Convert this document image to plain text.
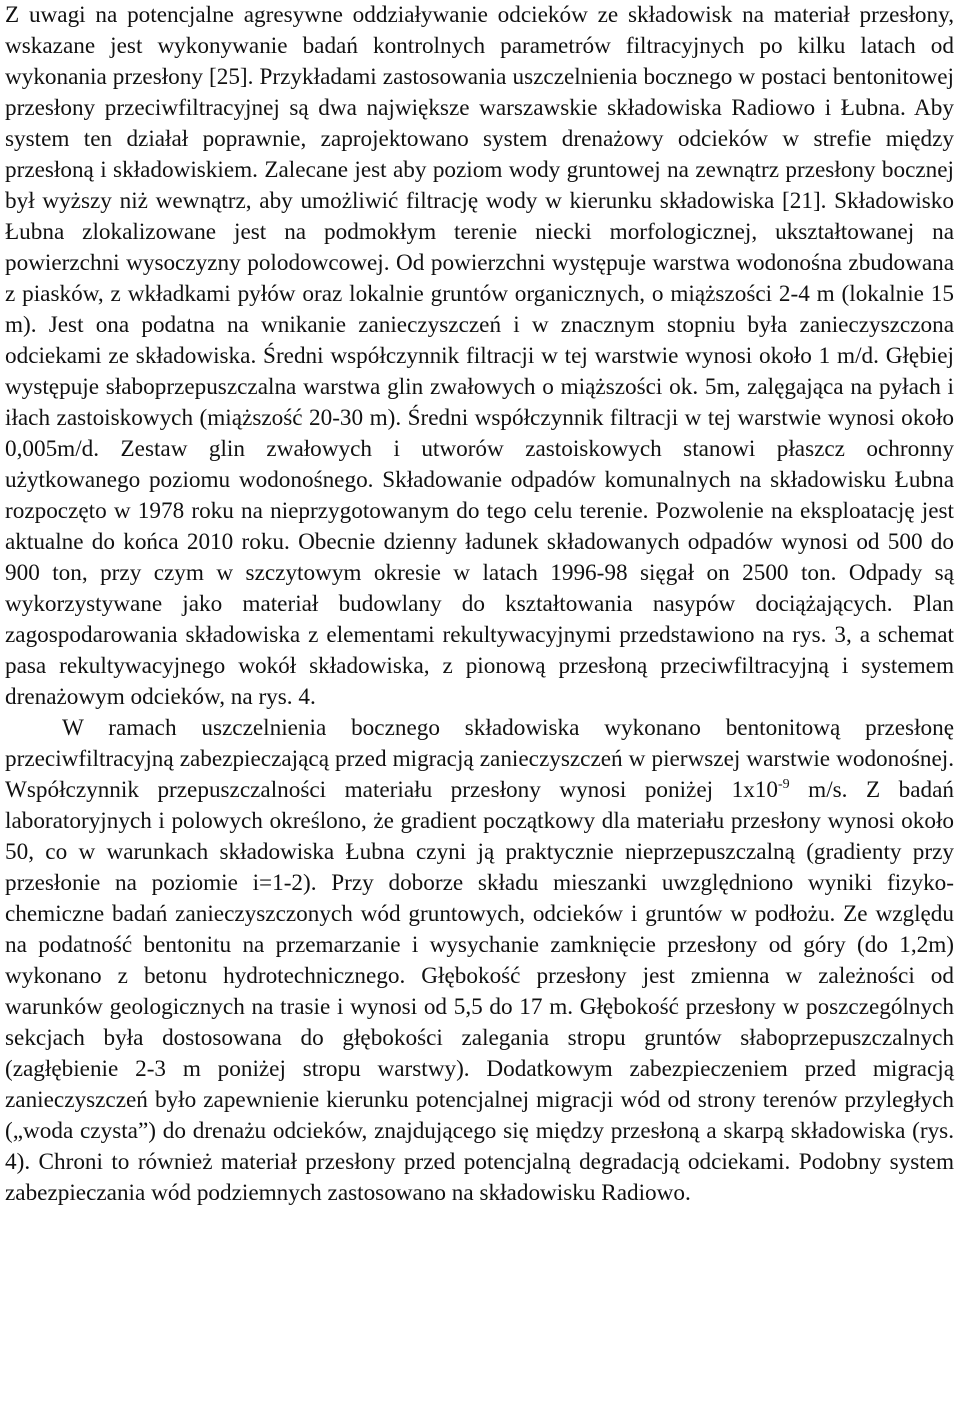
Z uwagi na potencjalne agresywne oddziaływanie odcieków ze składowisk na materiał przesłony, wskazane jest wykonywanie badań kontrolnych parametrów filtracyjnych po kilku latach od wykonania przesłony [25]. Przykładami zastosowania uszczelnienia bocznego w postaci bentonitowej przesłony przeciwfiltracyjnej są dwa największe warszawskie składowiska Radiowo i Łubna. Aby system ten działał poprawnie, zaprojektowano system drenażowy odcieków w strefie między przesłoną i składowiskiem. Zalecane jest aby poziom wody gruntowej na zewnątrz przesłony bocznej był wyższy niż wewnątrz, aby umożliwić filtrację wody w kierunku składowiska [21]. Składowisko Łubna zlokalizowane jest na podmokłym terenie niecki morfologicznej, ukształtowanej na powierzchni wysoczyzny polodowcowej. Od powierzchni występuje warstwa wodonośna zbudowana z piasków, z wkładkami pyłów oraz lokalnie gruntów organicznych, o miąższości 2-4 m (lokalnie 15 m). Jest ona podatna na wnikanie zanieczyszczeń i w znacznym stopniu była zanieczyszczona odciekami ze składowiska. Średni współczynnik filtracji w tej warstwie wynosi około 1 m/d. Głębiej występuje słaboprzepuszczalna warstwa glin zwałowych o miąższości ok. 5m, zalęgająca na pyłach i iłach zastoiskowych (miąższość 20-30 m). Średni współczynnik filtracji w tej warstwie wynosi około 0,005m/d. Zestaw glin zwałowych i utworów zastoiskowych stanowi płaszcz ochronny użytkowanego poziomu wodonośnego. Składowanie odpadów komunalnych na składowisku Łubna rozpoczęto w 1978 roku na nieprzygotowanym do tego celu terenie. Pozwolenie na eksploatację jest aktualne do końca 2010 roku. Obecnie dzienny ładunek składowanych odpadów wynosi od 500 do 900 ton, przy czym w szczytowym okresie w latach 1996-98 sięgał on 2500 ton. Odpady są wykorzystywane jako materiał budowlany do kształtowania nasypów dociążających. Plan zagospodarowania składowiska z elementami rekultywacyjnymi przedstawiono na rys. 3, a schemat pasa rekultywacyjnego wokół składowiska, z pionową przesłoną przeciwfiltracyjną i systemem drenażowym odcieków, na rys. 4.

W ramach uszczelnienia bocznego składowiska wykonano bentonitową przesłonę przeciwfiltracyjną zabezpieczającą przed migracją zanieczyszczeń w pierwszej warstwie wodonośnej. Współczynnik przepuszczalności materiału przesłony wynosi poniżej $1x10^{-9}$ m/s. Z badań laboratoryjnych i polowych określono, że gradient początkowy dla materiału przesłony wynosi około 50, co w warunkach składowiska Łubna czyni ją praktycznie nieprzepuszczalną (gradienty przy przesłonie na poziomie i=1-2). Przy doborze składu mieszanki uwzględniono wyniki fizyko-chemiczne badań zanieczyszczonych wód gruntowych, odcieków i gruntów w podłożu. Ze względu na podatność bentonitu na przemarzanie i wysychanie zamknięcie przesłony od góry (do 1,2m) wykonano z betonu hydrotechnicznego. Głębokość przesłony jest zmienna w zależności od warunków geologicznych na trasie i wynosi od 5,5 do 17 m. Głębokość przesłony w poszczególnych sekcjach była dostosowana do głębokości zalegania stropu gruntów słaboprzepuszczalnych (zagłębienie 2-3 m poniżej stropu warstwy). Dodatkowym zabezpieczeniem przed migracją zanieczyszczeń było zapewnienie kierunku potencjalnej migracji wód od strony terenów przyległych („woda czysta”) do drenażu odcieków, znajdującego się między przesłoną a skarpą składowiska (rys. 4). Chroni to również materiał przesłony przed potencjalną degradacją odciekami. Podobny system zabezpieczania wód podziemnych zastosowano na składowisku Radiowo.
